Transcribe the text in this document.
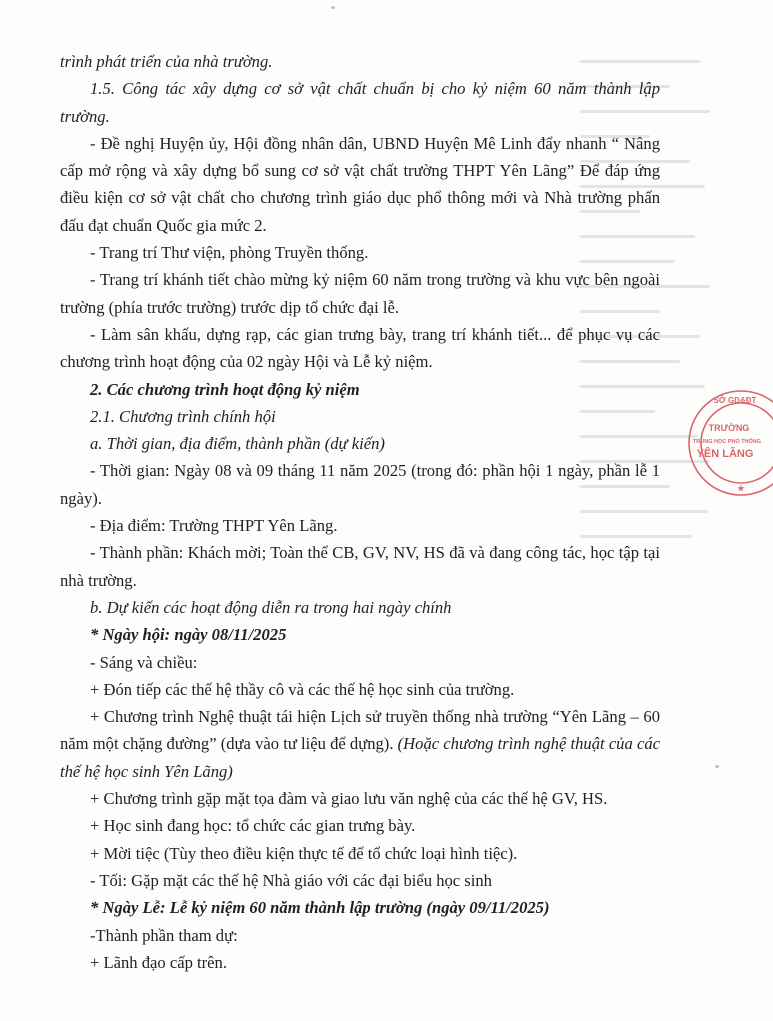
trình phát triển của nhà trường.

1.5. Công tác xây dựng cơ sở vật chất chuẩn bị cho kỷ niệm 60 năm thành lập trường.

- Đề nghị Huyện ủy, Hội đồng nhân dân, UBND Huyện Mê Linh đẩy nhanh “ Nâng cấp mở rộng và xây dựng bổ sung cơ sở vật chất trường THPT Yên Lãng” Để đáp ứng điều kiện cơ sở vật chất cho chương trình giáo dục phổ thông mới và Nhà trường phấn đấu đạt chuẩn Quốc gia mức 2.

- Trang trí Thư viện, phòng Truyền thống.

- Trang trí khánh tiết chào mừng kỷ niệm 60 năm trong trường và khu vực bên ngoài trường (phía trước trường) trước dịp tổ chức đại lễ.

- Làm sân khấu, dựng rạp, các gian trưng bày, trang trí khánh tiết... để phục vụ các chương trình hoạt động của 02 ngày Hội và Lễ kỷ niệm.

2. Các chương trình hoạt động kỷ niệm

2.1. Chương trình chính hội

a. Thời gian, địa điểm, thành phần (dự kiến)

- Thời gian: Ngày 08 và 09 tháng 11 năm 2025 (trong đó: phần hội 1 ngày, phần lễ 1 ngày).

- Địa điểm: Trường THPT Yên Lãng.

- Thành phần: Khách mời; Toàn thể CB, GV, NV, HS đã và đang công tác, học tập tại nhà trường.

b. Dự kiến các hoạt động diễn ra trong hai ngày chính

* Ngày hội: ngày 08/11/2025

- Sáng và chiều:

+ Đón tiếp các thế hệ thầy cô và các thế hệ học sinh của trường.

+ Chương trình Nghệ thuật tái hiện Lịch sử truyền thống nhà trường “Yên Lãng – 60 năm một chặng đường” (dựa vào tư liệu để dựng). (Hoặc chương trình nghệ thuật của các thế hệ học sinh Yên Lãng)

+ Chương trình gặp mặt tọa đàm và giao lưu văn nghệ của các thế hệ GV, HS.

+ Học sinh đang học: tổ chức các gian trưng bày.

+ Mời tiệc (Tùy theo điều kiện thực tế để tổ chức loại hình tiệc).

- Tối: Gặp mặt các thế hệ Nhà giáo với các đại biểu học sinh

* Ngày Lễ: Lễ kỷ niệm 60 năm thành lập trường (ngày 09/11/2025)

-Thành phần tham dự:

+ Lãnh đạo cấp trên.

SỞ GD&ĐT
TRƯỜNG
TRUNG HỌC PHỔ THÔNG
YÊN LÃNG
★
